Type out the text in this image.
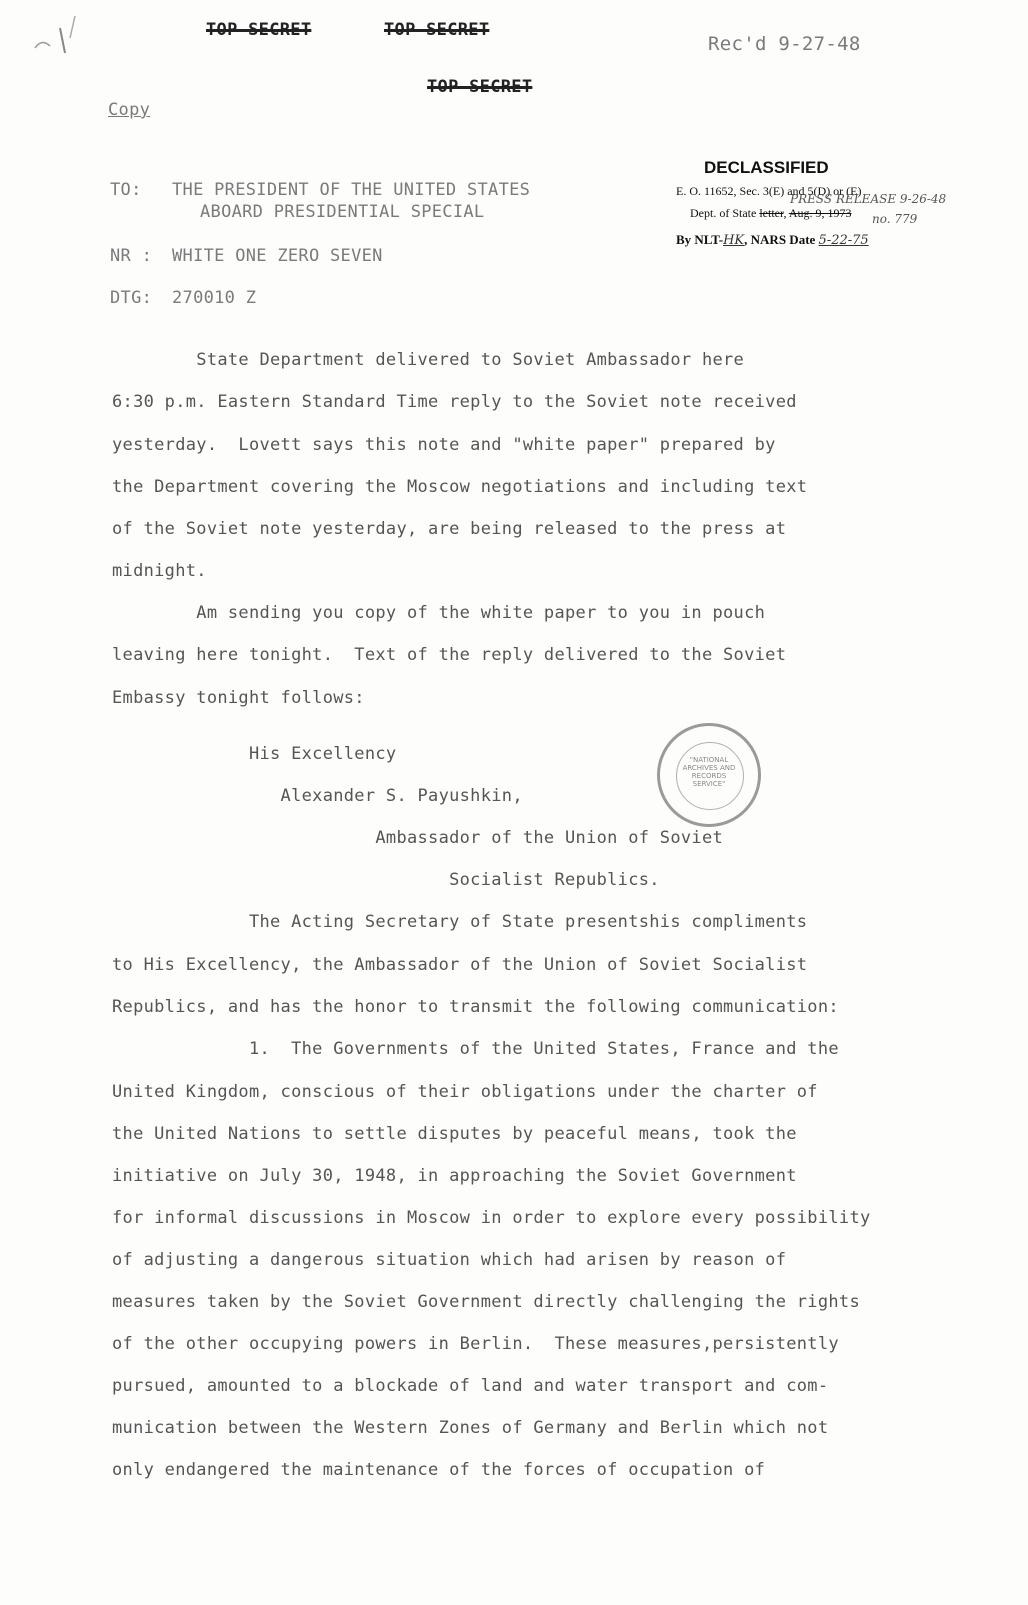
TOP SECRET	TOP SECRET
TOP SECRET
Rec'd 9-27-48
Copy
DECLASSIFIED
E. O. 11652, Sec. 3(E) and 5(D) or (E)
Dept. of State letter, Aug. 9, 1973
PRESS RELEASE 9-26-48
no. 779
By NLT-HK, NARS Date 5-22-75
TO: THE PRESIDENT OF THE UNITED STATES
ABOARD PRESIDENTIAL SPECIAL
NR : WHITE ONE ZERO SEVEN
DTG: 270010 Z
"NATIONAL ARCHIVES AND RECORDS SERVICE"
State Department delivered to Soviet Ambassador here
6:30 p.m. Eastern Standard Time reply to the Soviet note received
yesterday.  Lovett says this note and "white paper" prepared by
the Department covering the Moscow negotiations and including text
of the Soviet note yesterday, are being released to the press at
midnight.
Am sending you copy of the white paper to you in pouch
leaving here tonight.  Text of the reply delivered to the Soviet
Embassy tonight follows:
His Excellency
Alexander S. Payushkin,
Ambassador of the Union of Soviet
Socialist Republics.
The Acting Secretary of State presentshis compliments
to His Excellency, the Ambassador of the Union of Soviet Socialist
Republics, and has the honor to transmit the following communication:
1.  The Governments of the United States, France and the
United Kingdom, conscious of their obligations under the charter of
the United Nations to settle disputes by peaceful means, took the
initiative on July 30, 1948, in approaching the Soviet Government
for informal discussions in Moscow in order to explore every possibility
of adjusting a dangerous situation which had arisen by reason of
measures taken by the Soviet Government directly challenging the rights
of the other occupying powers in Berlin.  These measures,persistently
pursued, amounted to a blockade of land and water transport and com-
munication between the Western Zones of Germany and Berlin which not
only endangered the maintenance of the forces of occupation of
